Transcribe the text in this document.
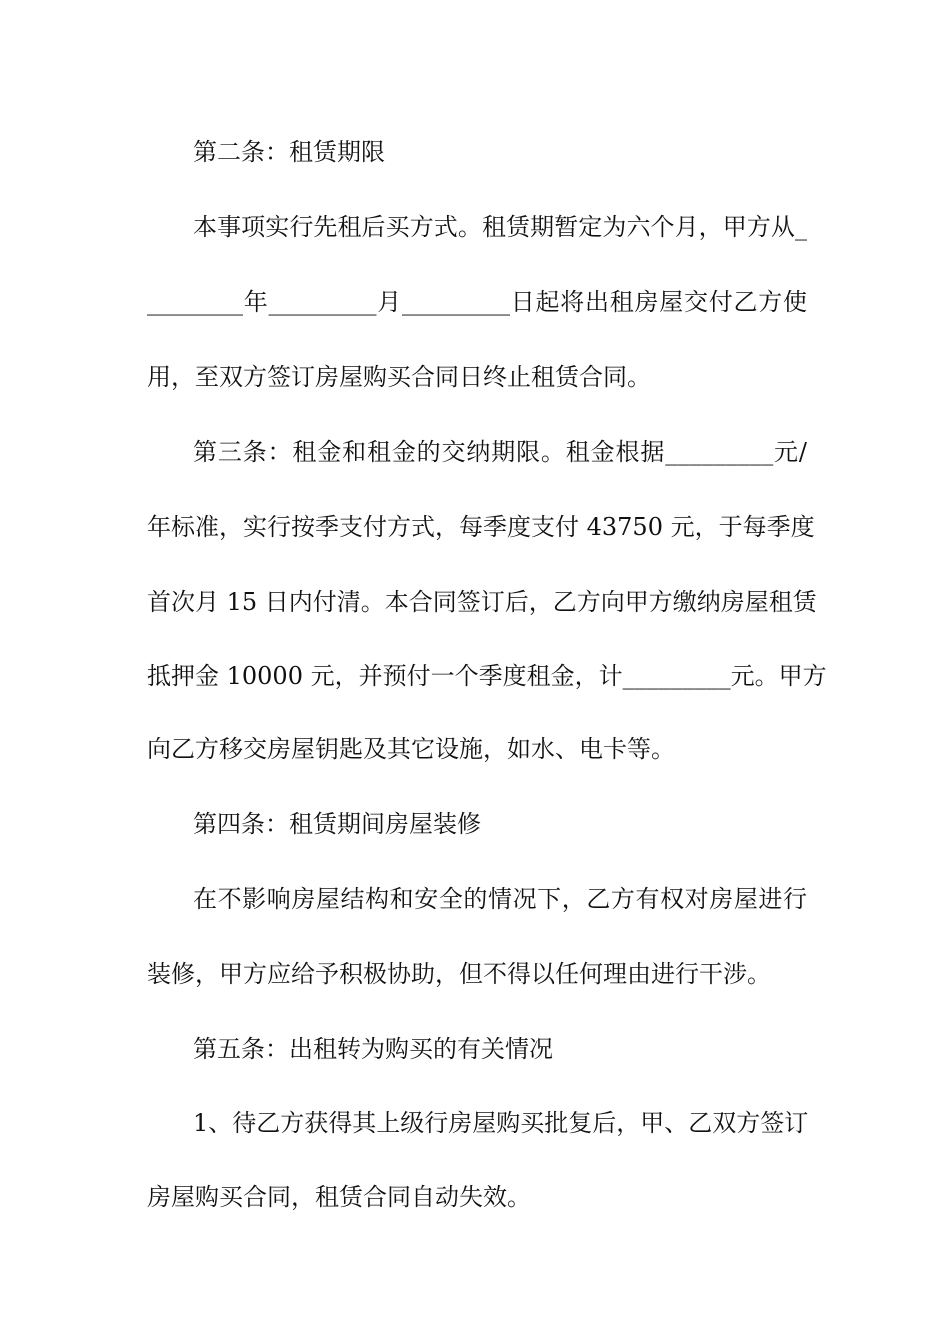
第二条：租赁期限
本事项实行先租后买方式。租赁期暂定为六个月，甲方从_
________年_________月_________日起将出租房屋交付乙方使
用，至双方签订房屋购买合同日终止租赁合同。
第三条：租金和租金的交纳期限。租金根据_________元/
年标准，实行按季支付方式，每季度支付 43750 元，于每季度
首次月 15 日内付清。本合同签订后，乙方向甲方缴纳房屋租赁
抵押金 10000 元，并预付一个季度租金，计_________元。甲方
向乙方移交房屋钥匙及其它设施，如水、电卡等。
第四条：租赁期间房屋装修
在不影响房屋结构和安全的情况下，乙方有权对房屋进行
装修，甲方应给予积极协助，但不得以任何理由进行干涉。
第五条：出租转为购买的有关情况
1、待乙方获得其上级行房屋购买批复后，甲、乙双方签订
房屋购买合同，租赁合同自动失效。
